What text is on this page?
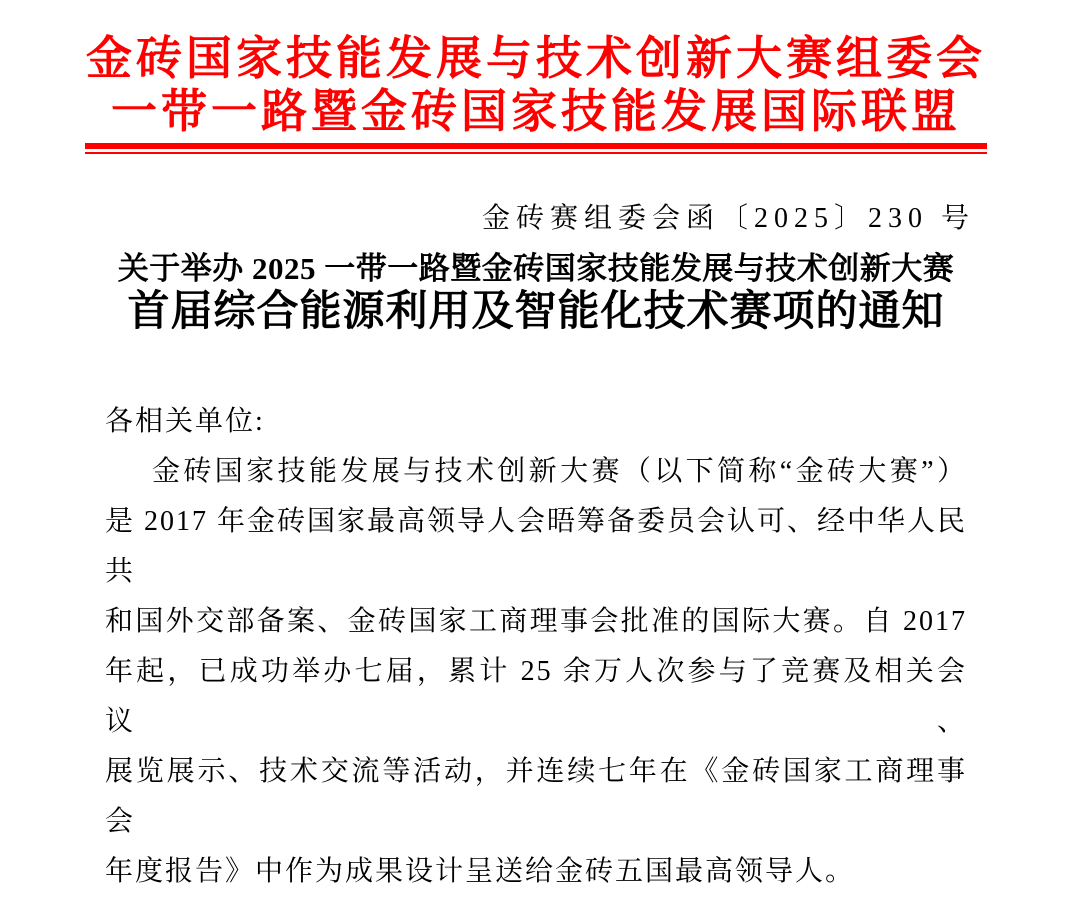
金砖国家技能发展与技术创新大赛组委会
一带一路暨金砖国家技能发展国际联盟
金砖赛组委会函〔2025〕230 号
关于举办 2025 一带一路暨金砖国家技能发展与技术创新大赛
首届综合能源利用及智能化技术赛项的通知
各相关单位:
金砖国家技能发展与技术创新大赛（以下简称“金砖大赛”）
是 2017 年金砖国家最高领导人会晤筹备委员会认可、经中华人民共
和国外交部备案、金砖国家工商理事会批准的国际大赛。自 2017
年起，已成功举办七届，累计 25 余万人次参与了竞赛及相关会议、
展览展示、技术交流等活动，并连续七年在《金砖国家工商理事会
年度报告》中作为成果设计呈送给金砖五国最高领导人。
